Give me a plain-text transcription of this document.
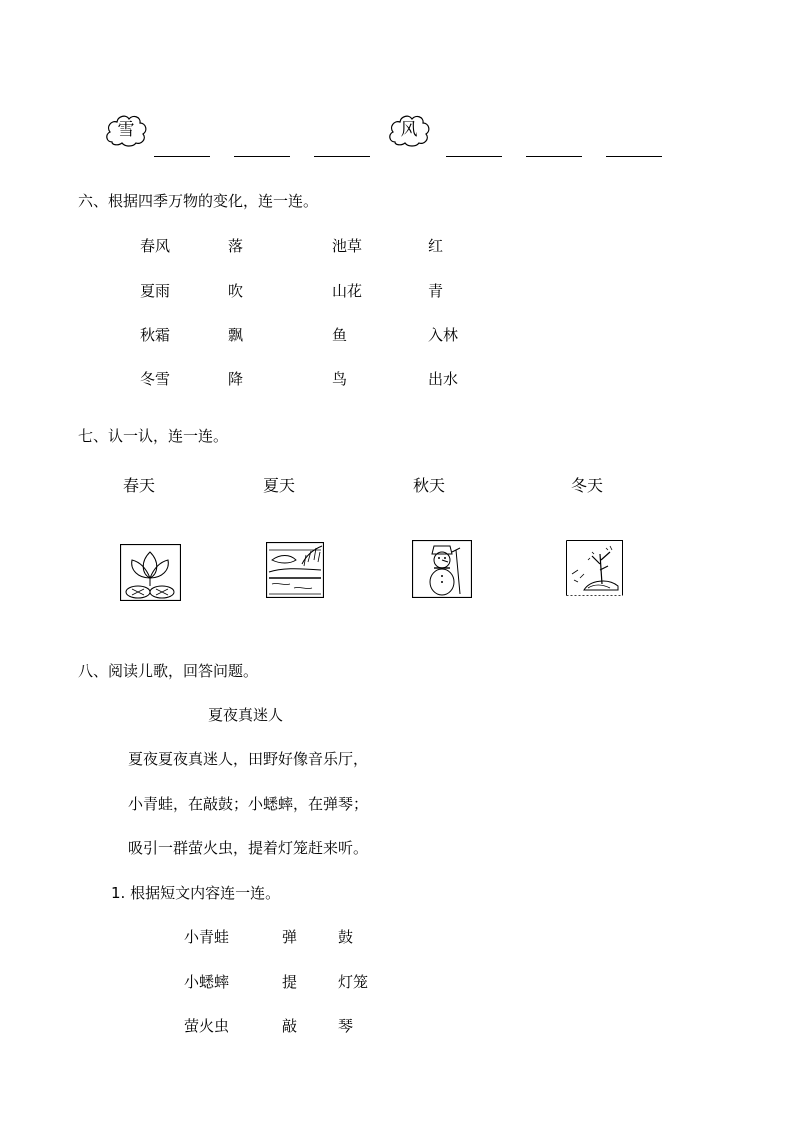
雪	风
六、根据四季万物的变化，连一连。
春风	落	池草	红
夏雨	吹	山花	青
秋霜	飘	鱼	入林
冬雪	降	鸟	出水
七、认一认，连一连。
春天	夏天	秋天	冬天
八、阅读儿歌，回答问题。
夏夜真迷人
夏夜夏夜真迷人，田野好像音乐厅，
小青蛙，在敲鼓；小蟋蟀，在弹琴；
吸引一群萤火虫，提着灯笼赶来听。
1. 根据短文内容连一连。
小青蛙	弹	鼓
小蟋蟀	提	灯笼
萤火虫	敲	琴
